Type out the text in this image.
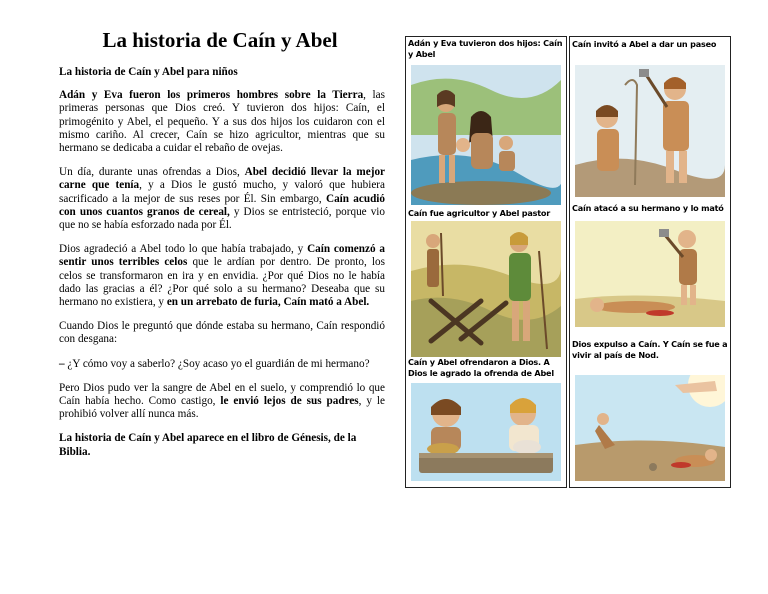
La historia de Caín y Abel

La historia de Caín y Abel para niños

Adán y Eva fueron los primeros hombres sobre la Tierra, las primeras personas que Dios creó. Y tuvieron dos hijos: Caín, el primogénito y Abel, el pequeño. Y a sus dos hijos los cuidaron con el mismo cariño. Al crecer, Caín se hizo agricultor, mientras que su hermano se dedicaba a cuidar el rebaño de ovejas.

Un día, durante unas ofrendas a Dios, Abel decidió llevar la mejor carne que tenía, y a Dios le gustó mucho, y valoró que hubiera sacrificado a la mejor de sus reses por Él. Sin embargo, Caín acudió con unos cuantos granos de cereal, y Dios se entristeció, porque vio que no se había esforzado nada por Él.

Dios agradeció a Abel todo lo que había trabajado, y Caín comenzó a sentir unos terribles celos que le ardían por dentro. De pronto, los celos se transformaron en ira y en envidia. ¿Por qué Dios no le había dado las gracias a él? ¿Por qué solo a su hermano? Deseaba que su hermano no existiera, y en un arrebato de furia, Caín mató a Abel.

Cuando Dios le preguntó que dónde estaba su hermano, Caín respondió con desgana:

– ¿Y cómo voy a saberlo? ¿Soy acaso yo el guardián de mi hermano?

Pero Dios pudo ver la sangre de Abel en el suelo, y comprendió lo que Caín había hecho. Como castigo, le envió lejos de sus padres, y le prohibió volver allí nunca más.

La historia de Caín y Abel aparece en el libro de Génesis, de la Biblia.

Adán y Eva tuvieron dos hijos: Caín y Abel
Caín fue agricultor y Abel pastor
Caín y Abel ofrendaron a Dios. A Dios le agrado la ofrenda de Abel
Caín invitó a Abel a dar un paseo
Caín atacó a su hermano y lo mató
Dios expulso a Caín. Y Caín se fue a vivir al país de Nod.
